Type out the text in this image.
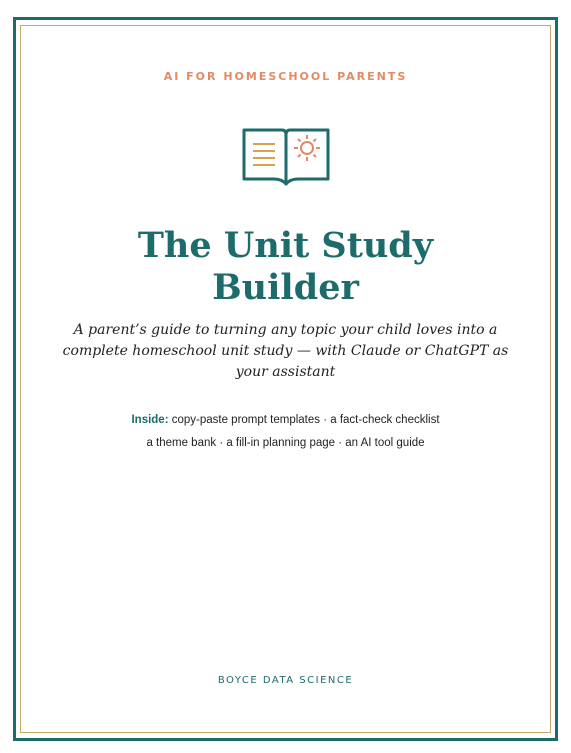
AI FOR HOMESCHOOL PARENTS
The Unit Study
Builder
A parent’s guide to turning any topic your child loves into a complete homeschool unit study — with Claude or ChatGPT as your assistant
Inside: copy-paste prompt templates · a fact-check checklist
a theme bank · a fill-in planning page · an AI tool guide
BOYCE DATA SCIENCE
